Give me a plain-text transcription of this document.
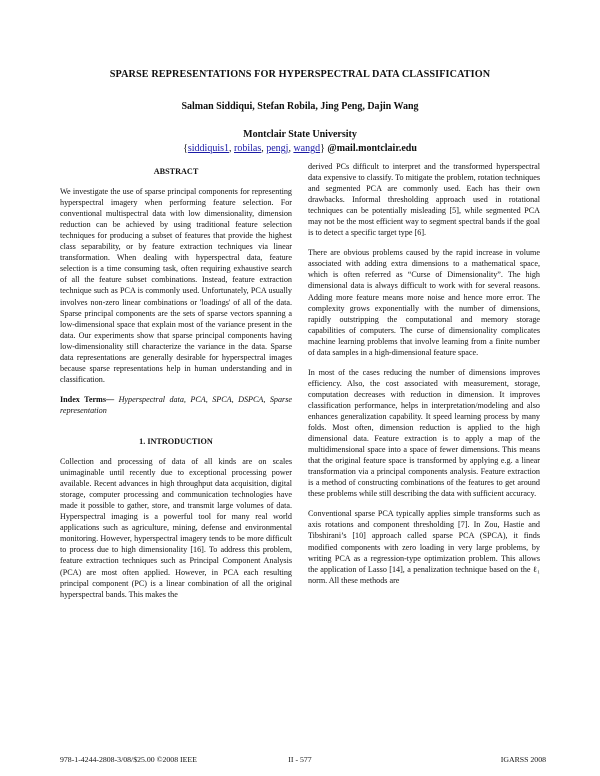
SPARSE REPRESENTATIONS FOR HYPERSPECTRAL DATA CLASSIFICATION
Salman Siddiqui, Stefan Robila, Jing Peng, Dajin Wang
Montclair State University
{siddiquis1, robilas, pengj, wangd} @mail.montclair.edu
ABSTRACT

We investigate the use of sparse principal components for representing hyperspectral imagery when performing feature selection. For conventional multispectral data with low dimensionality, dimension reduction can be achieved by using traditional feature selection techniques for producing a subset of features that provide the highest class separability, or by feature extraction techniques via linear transformation. When dealing with hyperspectral data, feature selection is a time consuming task, often requiring exhaustive search of all the feature subset combinations. Instead, feature extraction technique such as PCA is commonly used. Unfortunately, PCA usually involves non-zero linear combinations or 'loadings' of all of the data. Sparse principal components are the sets of sparse vectors spanning a low-dimensional space that explain most of the variance present in the data. Our experiments show that sparse principal components having low-dimensionality still characterize the variance in the data. Sparse data representations are generally desirable for hyperspectral images because sparse representations help in human understanding and in classification.

Index Terms— Hyperspectral data, PCA, SPCA, DSPCA, Sparse representation

1. INTRODUCTION

Collection and processing of data of all kinds are on scales unimaginable until recently due to exceptional processing power available. Recent advances in high throughput data acquisition, digital storage, computer processing and communication technologies have made it possible to gather, store, and transmit large volumes of data. Hyperspectral imaging is a powerful tool for many real world applications such as agriculture, mining, defense and environmental monitoring. However, hyperspectral imagery tends to be more difficult to process due to high dimensionality [16]. To address this problem, feature extraction techniques such as Principal Component Analysis (PCA) are most often applied. However, in PCA each resulting principal component (PC) is a linear combination of all the original hyperspectral bands. This makes the

derived PCs difficult to interpret and the transformed hyperspectral data expensive to classify. To mitigate the problem, rotation techniques and segmented PCA are commonly used. Each has their own drawbacks. Informal thresholding approach used in rotational techniques can be potentially misleading [5], while segmented PCA may not be the most efficient way to segment spectral bands if the goal is to detect a specific target type [6].

There are obvious problems caused by the rapid increase in volume associated with adding extra dimensions to a mathematical space, which is often referred as “Curse of Dimensionality”. The high dimensional data is always difficult to work with for several reasons. Adding more feature means more noise and hence more error. The complexity grows exponentially with the number of dimensions, rapidly outstripping the computational and memory storage capabilities of computers. The curse of dimensionality complicates machine learning problems that involve learning from a finite number of data samples in a high-dimensional feature space.

In most of the cases reducing the number of dimensions improves efficiency. Also, the cost associated with measurement, storage, computation decreases with reduction in dimension. It improves classification performance, helps in interpretation/modeling and also enhances generalization capability. It speed learning process by many folds. Most often, dimension reduction is applied to the high dimensional data. Feature extraction is to apply a map of the multidimensional space into a space of fewer dimensions. This means that the original feature space is transformed by applying e.g. a linear transformation via a principal components analysis. Feature extraction is a method of constructing combinations of the features to get around these problems while still describing the data with sufficient accuracy.

Conventional sparse PCA typically applies simple transforms such as axis rotations and component thresholding [7]. In Zou, Hastie and Tibshirani’s [10] approach called sparse PCA (SPCA), it finds modified components with zero loading in very large problems, by writing PCA as a regression-type optimization problem. This allows the application of Lasso [14], a penalization technique based on the ℓ₁ norm. All these methods are

978-1-4244-2808-3/08/$25.00 ©2008 IEEE	II - 577	IGARSS 2008
